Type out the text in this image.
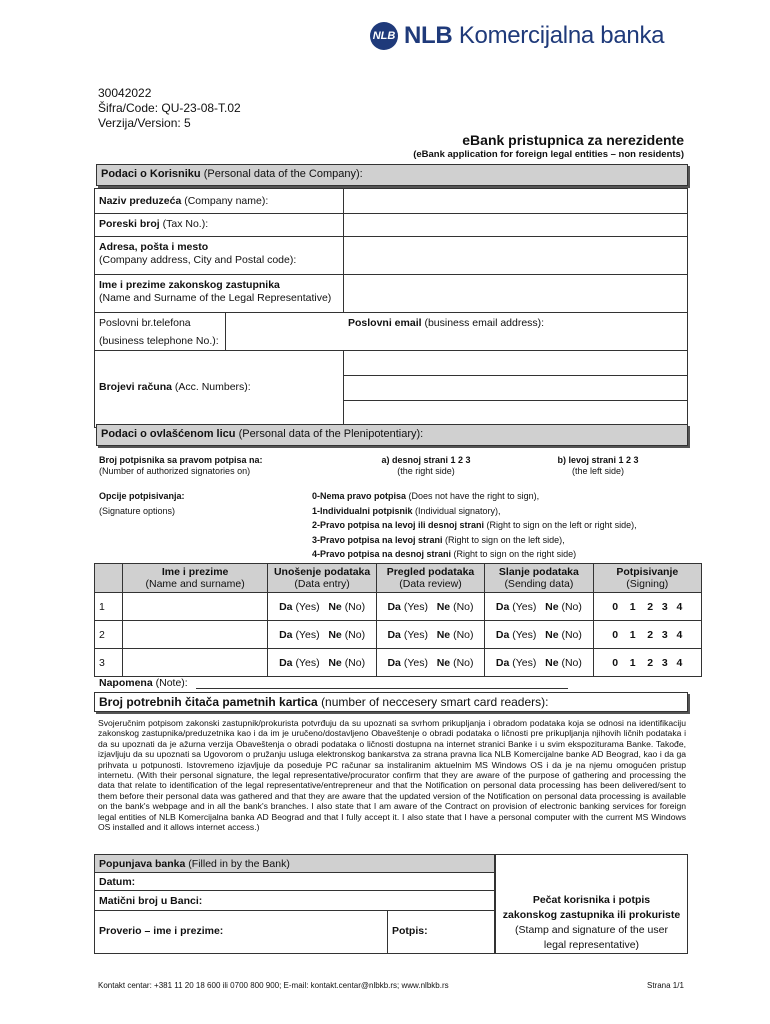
NLB NLB Komercijalna banka
30042022
Šifra/Code: QU-23-08-T.02
Verzija/Version: 5
eBank pristupnica za nerezidente
(eBank application for foreign legal entities – non residents)
Podaci o Korisniku (Personal data of the Company):
Naziv preduzeća (Company name):
Poreski broj (Tax No.):
Adresa, pošta i mesto
(Company address, City and Postal code):
Ime i prezime zakonskog zastupnika
(Name and Surname of the Legal Representative)
Poslovni br.telefona
(business telephone No.):
Poslovni email (business email address):
Brojevi računa (Acc. Numbers):
Podaci o ovlašćenom licu (Personal data of the Plenipotentiary):
Broj potpisnika sa pravom potpisa na:
(Number of authorized signatories on)
a) desnoj strani 1 2 3
(the right side)
b) levoj strani 1 2 3
(the left side)
Opcije potpisivanja:
(Signature options)
0-Nema pravo potpisa (Does not have the right to sign),
1-Individualni potpisnik (Individual signatory),
2-Pravo potpisa na levoj ili desnoj strani (Right to sign on the left or right side),
3-Pravo potpisa na levoj strani (Right to sign on the left side),
4-Pravo potpisa na desnoj strani (Right to sign on the right side)
	Ime i prezime
(Name and surname)	Unošenje podataka
(Data entry)	Pregled podataka
(Data review)	Slanje podataka
(Sending data)	Potpisivanje
(Signing)
1		Da (Yes) Ne (No)	Da (Yes) Ne (No)	Da (Yes) Ne (No)	0    1    2   3   4
2		Da (Yes) Ne (No)	Da (Yes) Ne (No)	Da (Yes) Ne (No)	0    1    2   3   4
3		Da (Yes) Ne (No)	Da (Yes) Ne (No)	Da (Yes) Ne (No)	0    1    2   3   4
Napomena (Note):
Broj potrebnih čitača pametnih kartica (number of neccesery smart card readers):
Svojeručnim potpisom zakonski zastupnik/prokurista potvrđuju da su upoznati sa svrhom prikupljanja i obradom podataka koja se odnosi na identifikaciju zakonskog zastupnika/preduzetnika kao i da im je uručeno/dostavljeno Obaveštenje o obradi podataka o ličnosti pre prikupljanja njihovih ličnih podataka i da su upoznati da je ažurna verzija Obaveštenja o obradi podataka o ličnosti dostupna na internet stranici Banke i u svim ekspoziturama Banke. Takođe, izjavljuju da su upoznati sa Ugovorom o pružanju usluga elektronskog bankarstva za strana pravna lica NLB Komercijalne banke AD Beograd, kao i da ga prihvata u potpunosti. Istovremeno izjavljuje da poseduje PC računar sa instaliranim aktuelnim MS Windows OS i da je na njemu omogućen pristup internetu. (With their personal signature, the legal representative/procurator confirm that they are aware of the purpose of gathering and processing the data that relate to identification of the legal representative/entrepreneur and that the Notification on personal data processing has been delivered/sent to them before their personal data was gathered and that they are aware that the updated version of the Notification on personal data processing is available on the bank's webpage and in all the bank's branches. I also state that I am aware of the Contract on provision of electronic banking services for foreign legal entities of NLB Komercijalna banka AD Beograd and that I fully accept it. I also state that I have a personal computer with the current MS Windows OS installed and it allows internet access.)
Popunjava banka (Filled in by the Bank)
Datum:
Matični broj u Banci:
Proverio – ime i prezime:	Potpis:
Pečat korisnika i potpis
zakonskog zastupnika ili prokuriste
(Stamp and signature of the user
legal representative)
Kontakt centar: +381 11 20 18 600 ili 0700 800 900; E-mail: kontakt.centar@nlbkb.rs; www.nlbkb.rs	Strana 1/1
